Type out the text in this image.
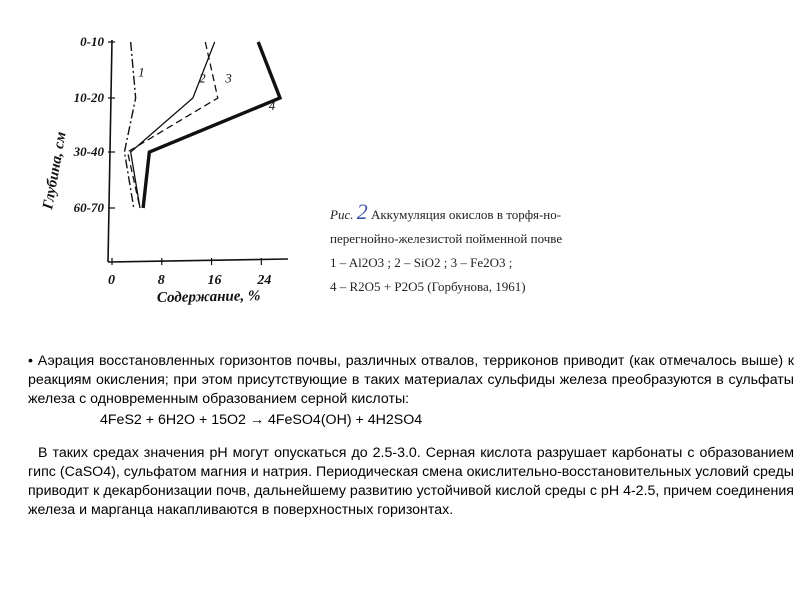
0	8	16	24
0-10
10-20
30-40
60-70
1	2 3
4
Глубина, см
Содержание, %
Рис. 2 Аккумуляция окислов в торфя-но-перегнойно-железистой пойменной почве
1 – Al2O3 ; 2 – SiO2 ; 3 – Fe2O3 ;
4 – R2O5 + P2O5 (Горбунова, 1961)

• Аэрация восстановленных горизонтов почвы, различных отвалов, терриконов приводит (как отмечалось выше) к реакциям окисления; при этом присутствующие в таких материалах сульфиды железа преобразуются в сульфаты железа с одновременным образованием серной кислоты:

4FeS2 + 6H2O + 15O2 → 4FeSO4(OH) + 4H2SO4

В таких средах значения рН могут опускаться до 2.5-3.0. Серная кислота разрушает карбонаты с образованием гипс (CaSO4), сульфатом магния и натрия. Периодическая смена окислительно-восстановительных условий среды приводит к декарбонизации почв, дальнейшему развитию устойчивой кислой среды с рН 4-2.5, причем соединения железа и марганца накапливаются в поверхностных горизонтах.
